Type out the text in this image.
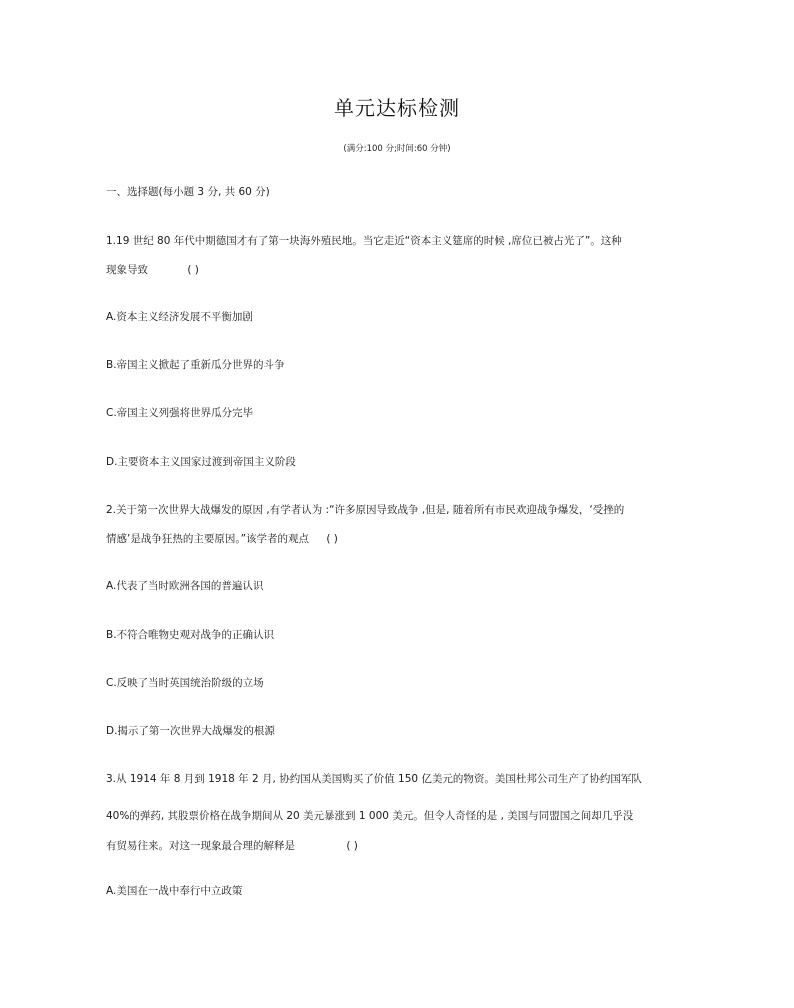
单元达标检测
(满分:100 分;时间:60 分钟)
一、选择题(每小题 3 分, 共 60 分)
1.19 世纪 80 年代中期德国才有了第一块海外殖民地。当它走近“资本主义筵席的时候 ,席位已被占光了”。这种
现象导致	( )
A.资本主义经济发展不平衡加剧
B.帝国主义掀起了重新瓜分世界的斗争
C.帝国主义列强将世界瓜分完毕
D.主要资本主义国家过渡到帝国主义阶段
2.关于第一次世界大战爆发的原因 ,有学者认为 :“许多原因导致战争 ,但是, 随着所有市民欢迎战争爆发，‘受挫的
情感’是战争狂热的主要原因。”该学者的观点 ( )
A.代表了当时欧洲各国的普遍认识
B.不符合唯物史观对战争的正确认识
C.反映了当时英国统治阶级的立场
D.揭示了第一次世界大战爆发的根源
3.从 1914 年 8 月到 1918 年 2 月, 协约国从美国购买了价值 150 亿美元的物资。美国杜邦公司生产了协约国军队
40%的弹药, 其股票价格在战争期间从 20 美元暴涨到 1 000 美元。但令人奇怪的是 , 美国与同盟国之间却几乎没
有贸易往来。对这一现象最合理的解释是	( )
A.美国在一战中奉行中立政策
